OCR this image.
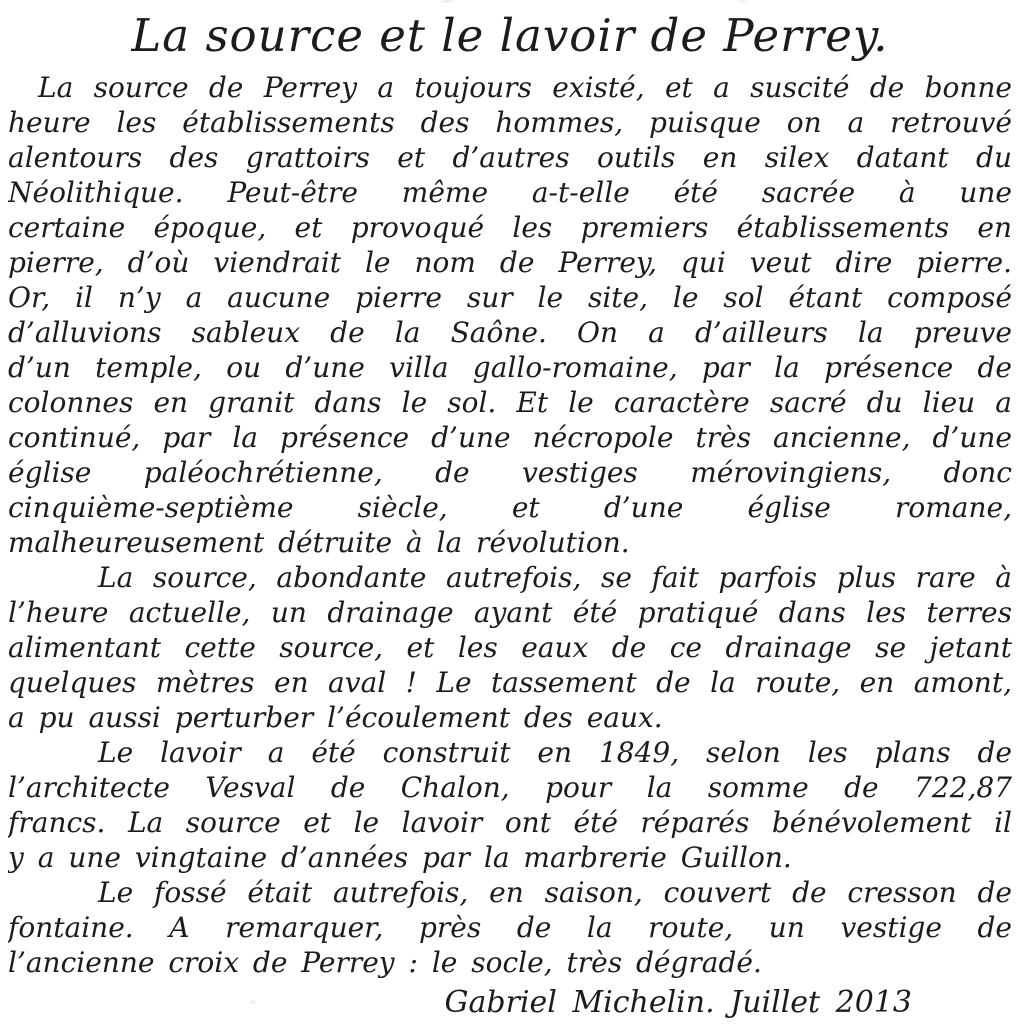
La source et le lavoir de Perrey.
La source de Perrey a toujours existé, et a suscité de bonne
heure les établissements des hommes, puisque on a retrouvé
alentours des grattoirs et d’autres outils en silex datant du
Néolithique. Peut-être même a-t-elle été sacrée à une
certaine époque, et provoqué les premiers établissements en
pierre, d’où viendrait le nom de Perrey, qui veut dire pierre.
Or, il n’y a aucune pierre sur le site, le sol étant composé
d’alluvions sableux de la Saône. On a d’ailleurs la preuve
d’un temple, ou d’une villa gallo-romaine, par la présence de
colonnes en granit dans le sol. Et le caractère sacré du lieu a
continué, par la présence d’une nécropole très ancienne, d’une
église paléochrétienne, de vestiges mérovingiens, donc
cinquième-septième siècle, et d’une église romane,
malheureusement détruite à la révolution.
La source, abondante autrefois, se fait parfois plus rare à
l’heure actuelle, un drainage ayant été pratiqué dans les terres
alimentant cette source, et les eaux de ce drainage se jetant
quelques mètres en aval ! Le tassement de la route, en amont,
a pu aussi perturber l’écoulement des eaux.
Le lavoir a été construit en 1849, selon les plans de
l’architecte Vesval de Chalon, pour la somme de 722,87
francs. La source et le lavoir ont été réparés bénévolement il
y a une vingtaine d’années par la marbrerie Guillon.
Le fossé était autrefois, en saison, couvert de cresson de
fontaine. A remarquer, près de la route, un vestige de
l’ancienne croix de Perrey : le socle, très dégradé.
Gabriel Michelin. Juillet 2013
